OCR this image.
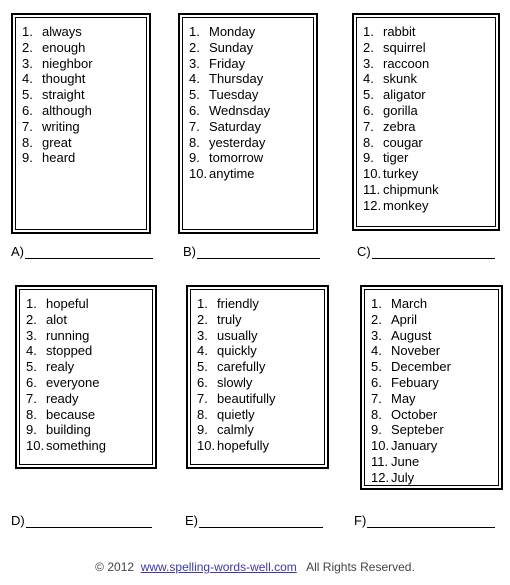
1. always
2. enough
3. nieghbor
4. thought
5. straight
6. although
7. writing
8. great
9. heard
1. Monday
2. Sunday
3. Friday
4. Thursday
5. Tuesday
6. Wednsday
7. Saturday
8. yesterday
9. tomorrow
10. anytime
1. rabbit
2. squirrel
3. raccoon
4. skunk
5. aligator
6. gorilla
7. zebra
8. cougar
9. tiger
10. turkey
11. chipmunk
12. monkey
1. hopeful
2. alot
3. running
4. stopped
5. realy
6. everyone
7. ready
8. because
9. building
10. something
1. friendly
2. truly
3. usually
4. quickly
5. carefully
6. slowly
7. beautifully
8. quietly
9. calmly
10. hopefully
1. March
2. April
3. August
4. Noveber
5. December
6. Febuary
7. May
8. October
9. Septeber
10. January
11. June
12. July
A)	B)	C)
D)	E)	F)
© 2012 www.spelling-words-well.com All Rights Reserved.
